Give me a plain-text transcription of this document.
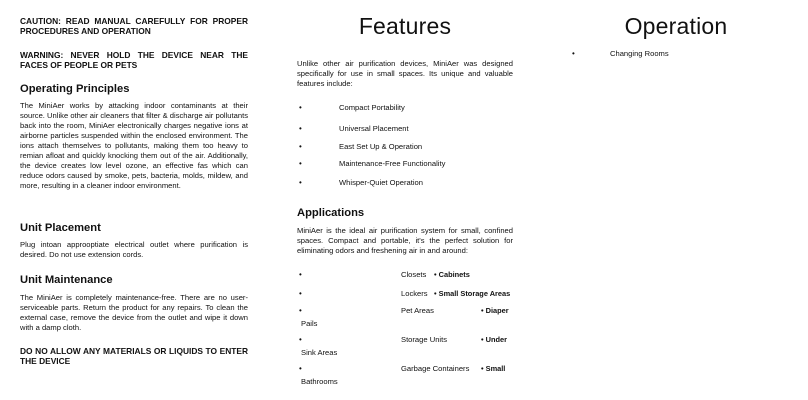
CAUTION: READ MANUAL CAREFULLY FOR PROPER PROCEDURES AND OPERATION
WARNING: NEVER HOLD THE DEVICE NEAR THE FACES OF PEOPLE OR PETS
Operating Principles
The MiniAer works by attacking indoor contaminants at their source. Unlike other air cleaners that filter & discharge air pollutants back into the room, MiniAer electronically charges negative ions at airborne particles suspended within the enclosed environment. The ions attach themselves to pollutants, making them too heavy to remian afloat and quickly knocking them out of the air. Additionally, the device creates low level ozone, an effective fas which can reduce odors caused by smoke, pets, bacteria, molds, mildew, and more, resulting in a cleaner indoor environment.
Unit Placement
Plug intoan approoptiate electrical outlet where purification is desired. Do not use extension cords.
Unit Maintenance
The MiniAer is completely maintenance-free. There are no user-serviceable parts. Return the product for any repairs. To clean the external case, remove the device from the outlet and wipe it down with a damp cloth.
DO NO ALLOW ANY MATERIALS OR LIQUIDS TO ENTER THE DEVICE
Features
Unlike other air purification devices, MiniAer was designed specifically for use in small spaces. Its unique and valuable features include:
•	Compact Portability
•	Universal Placement
•	East Set Up & Operation
•	Maintenance-Free Functionality
•	Whisper-Quiet Operation
Applications
MiniAer is the ideal air purification system for small, confined spaces. Compact and portable, it's the perfect solution for eliminating odors and freshening air in and around:
•	Closets • Cabinets
•	Lockers • Small Storage Areas
•	Pet Areas	• Diaper
Pails
•	Storage Units	• Under
Sink Areas
•	Garbage Containers • Small
Bathrooms
Operation
•	Changing Rooms
